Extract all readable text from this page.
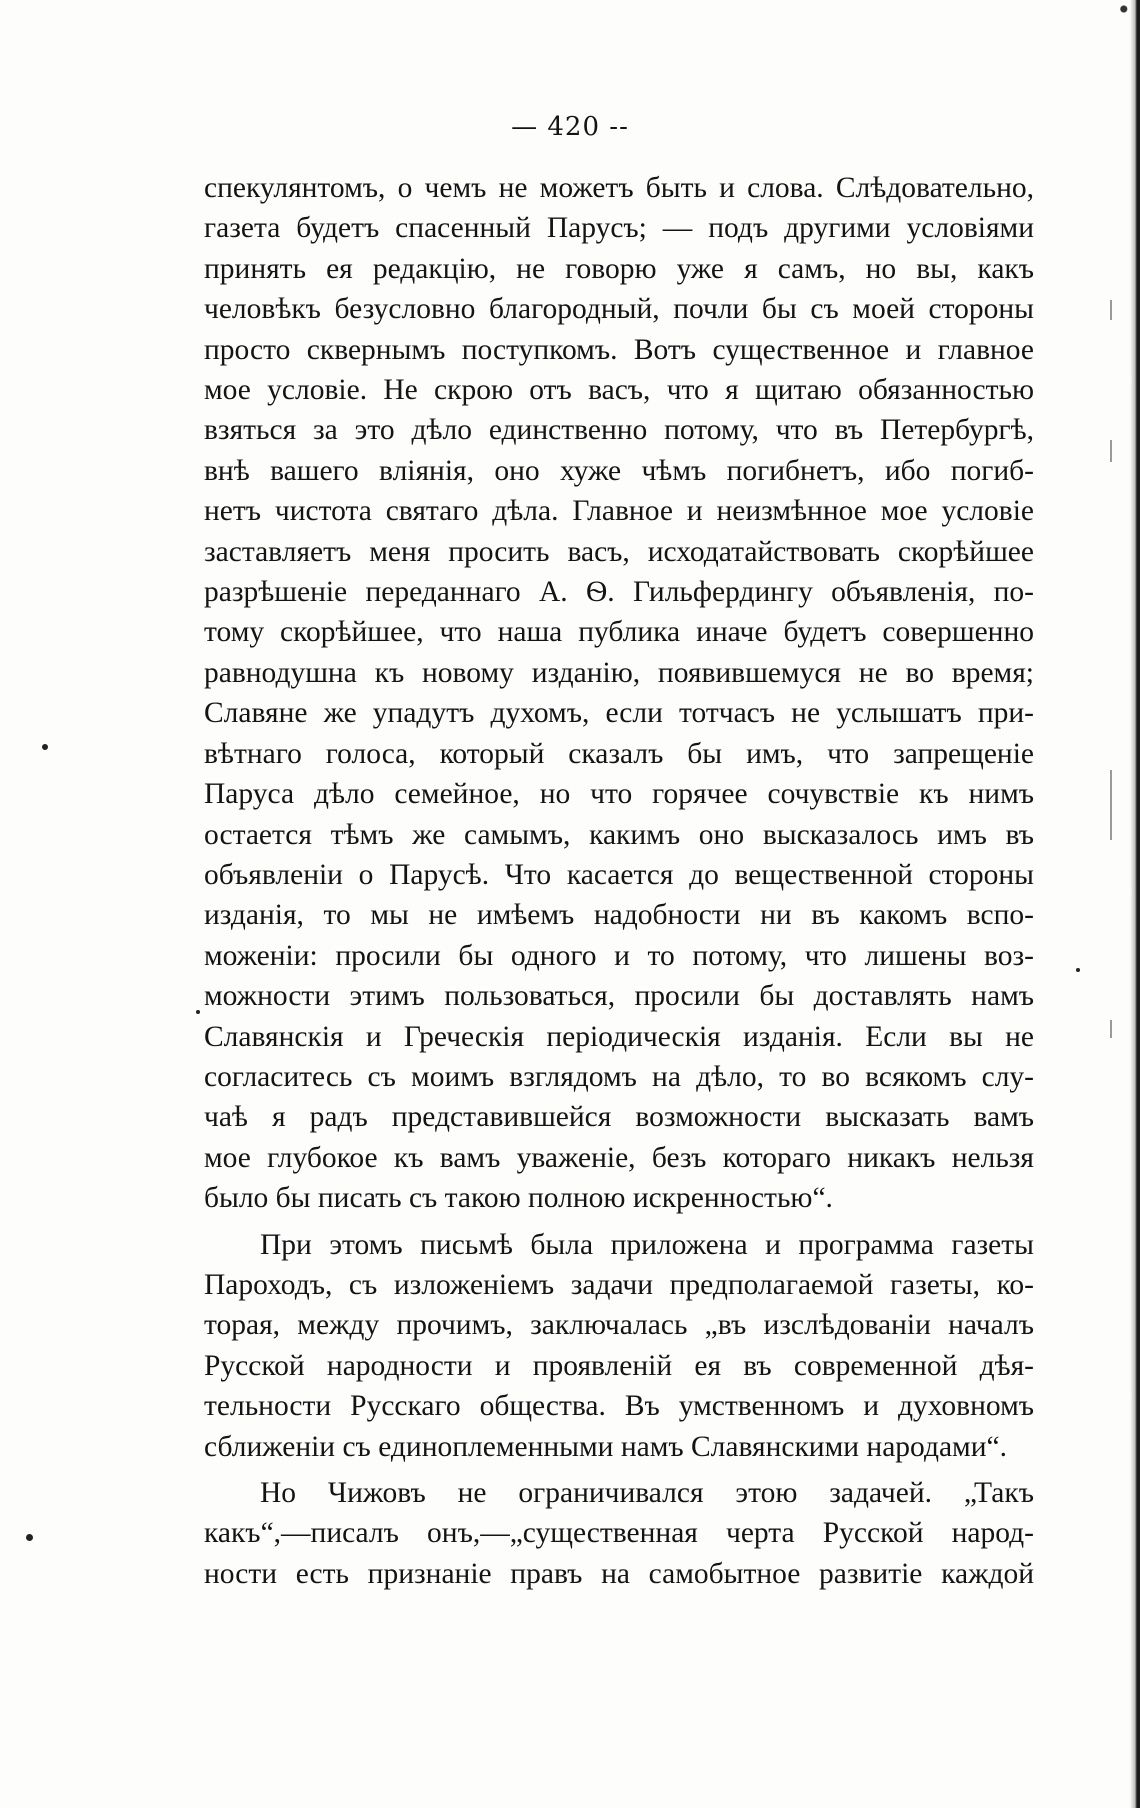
— 420 --

спекулянтомъ, о чемъ не можетъ быть и слова. Слѣдовательно,
газета будетъ спасенный Парусъ; — подъ другими условіями
принять ея редакцію, не говорю уже я самъ, но вы, какъ
человѣкъ безусловно благородный, почли бы съ моей стороны
просто сквернымъ поступкомъ. Вотъ существенное и главное
мое условіе. Не скрою отъ васъ, что я щитаю обязанностью
взяться за это дѣло единственно потому, что въ Петербургѣ,
внѣ вашего вліянія, оно хуже чѣмъ погибнетъ, ибо погиб-
нетъ чистота святаго дѣла. Главное и неизмѣнное мое условіе
заставляетъ меня просить васъ, исходатайствовать скорѣйшее
разрѣшеніе переданнаго А. Ѳ. Гильфердингу объявленія, по-
тому скорѣйшее, что наша публика иначе будетъ совершенно
равнодушна къ новому изданію, появившемуся не во время;
Славяне же упадутъ духомъ, если тотчасъ не услышатъ при-
вѣтнаго голоса, который сказалъ бы имъ, что запрещеніе
Паруса дѣло семейное, но что горячее сочувствіе къ нимъ
остается тѣмъ же самымъ, какимъ оно высказалось имъ въ
объявленіи о Парусѣ. Что касается до вещественной стороны
изданія, то мы не имѣемъ надобности ни въ какомъ вспо-
моженіи: просили бы одного и то потому, что лишены воз-
можности этимъ пользоваться, просили бы доставлять намъ
Славянскія и Греческія періодическія изданія. Если вы не
согласитесь съ моимъ взглядомъ на дѣло, то во всякомъ слу-
чаѣ я радъ представившейся возможности высказать вамъ
мое глубокое къ вамъ уваженіе, безъ котораго никакъ нельзя
было бы писать съ такою полною искренностью“.

При этомъ письмѣ была приложена и программа газеты
Пароходъ, съ изложеніемъ задачи предполагаемой газеты, ко-
торая, между прочимъ, заключалась „въ изслѣдованіи началъ
Русской народности и проявленій ея въ современной дѣя-
тельности Русскаго общества. Въ умственномъ и духовномъ
сближеніи съ единоплеменными намъ Славянскими народами“.

Но Чижовъ не ограничивался этою задачей. „Такъ
какъ“,—писалъ онъ,—„существенная черта Русской народ-
ности есть признаніе правъ на самобытное развитіе каждой
